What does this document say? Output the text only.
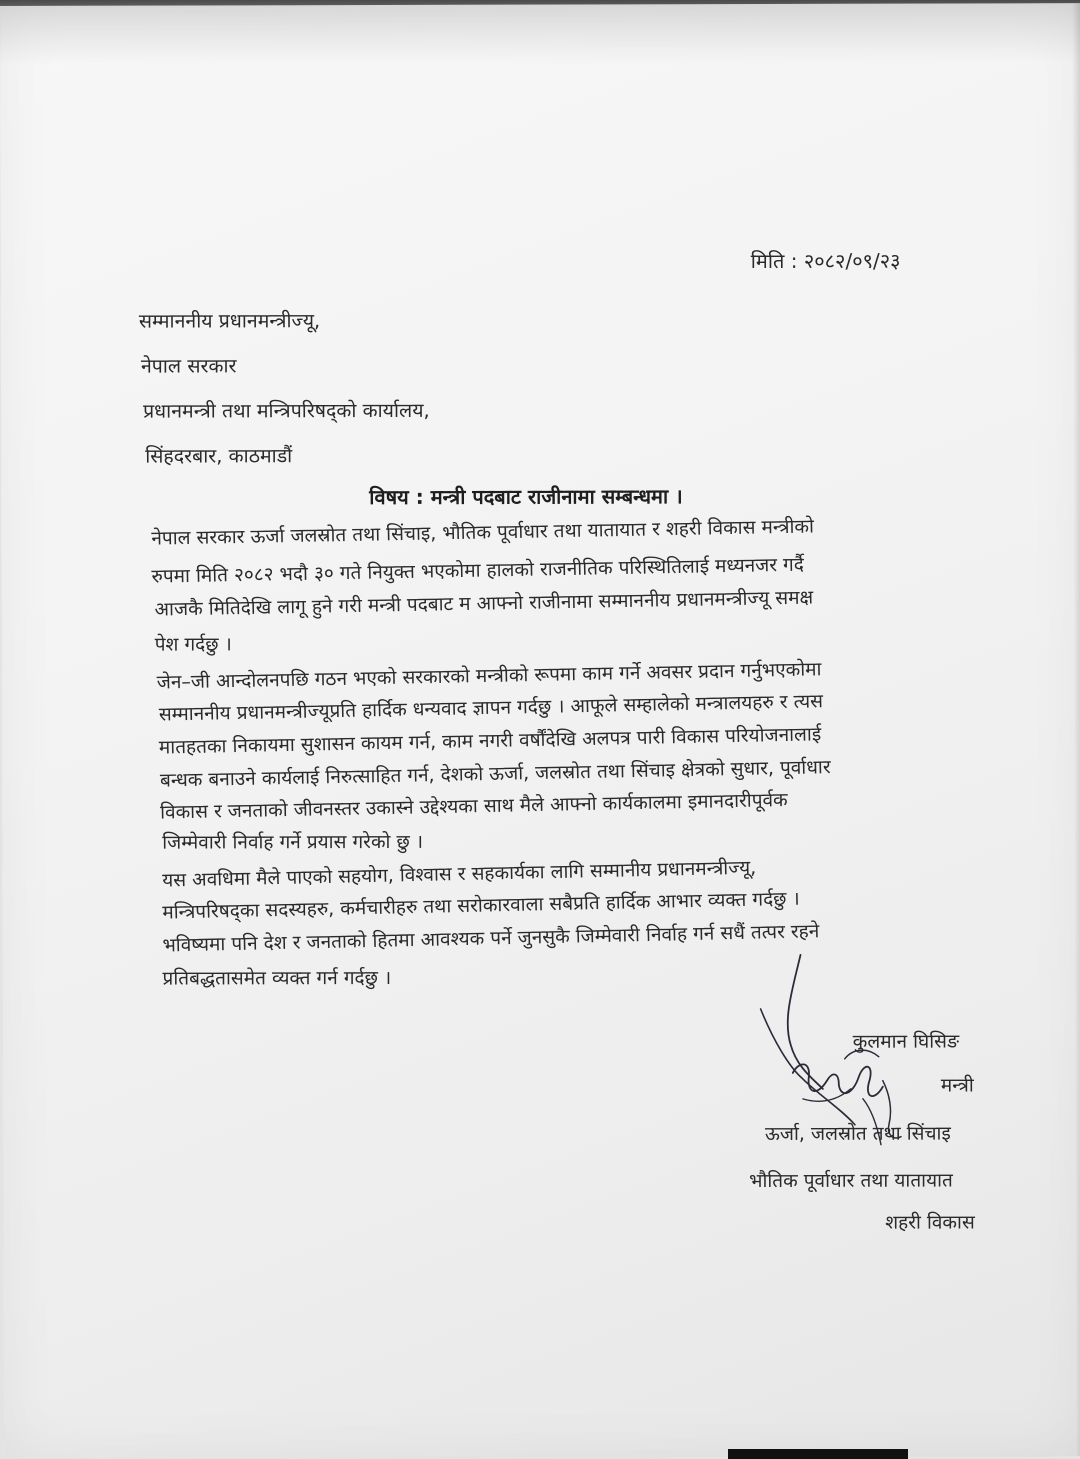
मिति : २०८२/०९/२३

सम्माननीय प्रधानमन्त्रीज्यू,

नेपाल सरकार

प्रधानमन्त्री तथा मन्त्रिपरिषद्को कार्यालय,

सिंहदरबार, काठमाडौं

विषय : मन्त्री पदबाट राजीनामा सम्बन्धमा ।

नेपाल सरकार ऊर्जा जलस्रोत तथा सिंचाइ, भौतिक पूर्वाधार तथा यातायात र शहरी विकास मन्त्रीको

रुपमा मिति २०८२ भदौ ३० गते नियुक्त भएकोमा हालको राजनीतिक परिस्थितिलाई मध्यनजर गर्दै

आजकै मितिदेखि लागू हुने गरी मन्त्री पदबाट म आफ्नो राजीनामा सम्माननीय प्रधानमन्त्रीज्यू समक्ष

पेश गर्दछु ।

जेन–जी आन्दोलनपछि गठन भएको सरकारको मन्त्रीको रूपमा काम गर्ने अवसर प्रदान गर्नुभएकोमा

सम्माननीय प्रधानमन्त्रीज्यूप्रति हार्दिक धन्यवाद ज्ञापन गर्दछु । आफूले सम्हालेको मन्त्रालयहरु र त्यस

मातहतका निकायमा सुशासन कायम गर्न, काम नगरी वर्षौंदेखि अलपत्र पारी विकास परियोजनालाई

बन्धक बनाउने कार्यलाई निरुत्साहित गर्न, देशको ऊर्जा, जलस्रोत तथा सिंचाइ क्षेत्रको सुधार, पूर्वाधार

विकास र जनताको जीवनस्तर उकास्ने उद्देश्यका साथ मैले आफ्नो कार्यकालमा इमानदारीपूर्वक

जिम्मेवारी निर्वाह गर्ने प्रयास गरेको छु ।

यस अवधिमा मैले पाएको सहयोग, विश्वास र सहकार्यका लागि सम्मानीय प्रधानमन्त्रीज्यू,

मन्त्रिपरिषद्का सदस्यहरु, कर्मचारीहरु तथा सरोकारवाला सबैप्रति हार्दिक आभार व्यक्त गर्दछु ।

भविष्यमा पनि देश र जनताको हितमा आवश्यक पर्ने जुनसुकै जिम्मेवारी निर्वाह गर्न सधैं तत्पर रहने

प्रतिबद्धतासमेत व्यक्त गर्न गर्दछु ।

कुलमान घिसिङ

मन्त्री

ऊर्जा, जलस्रोत तथा सिंचाइ

भौतिक पूर्वाधार तथा यातायात

शहरी विकास
